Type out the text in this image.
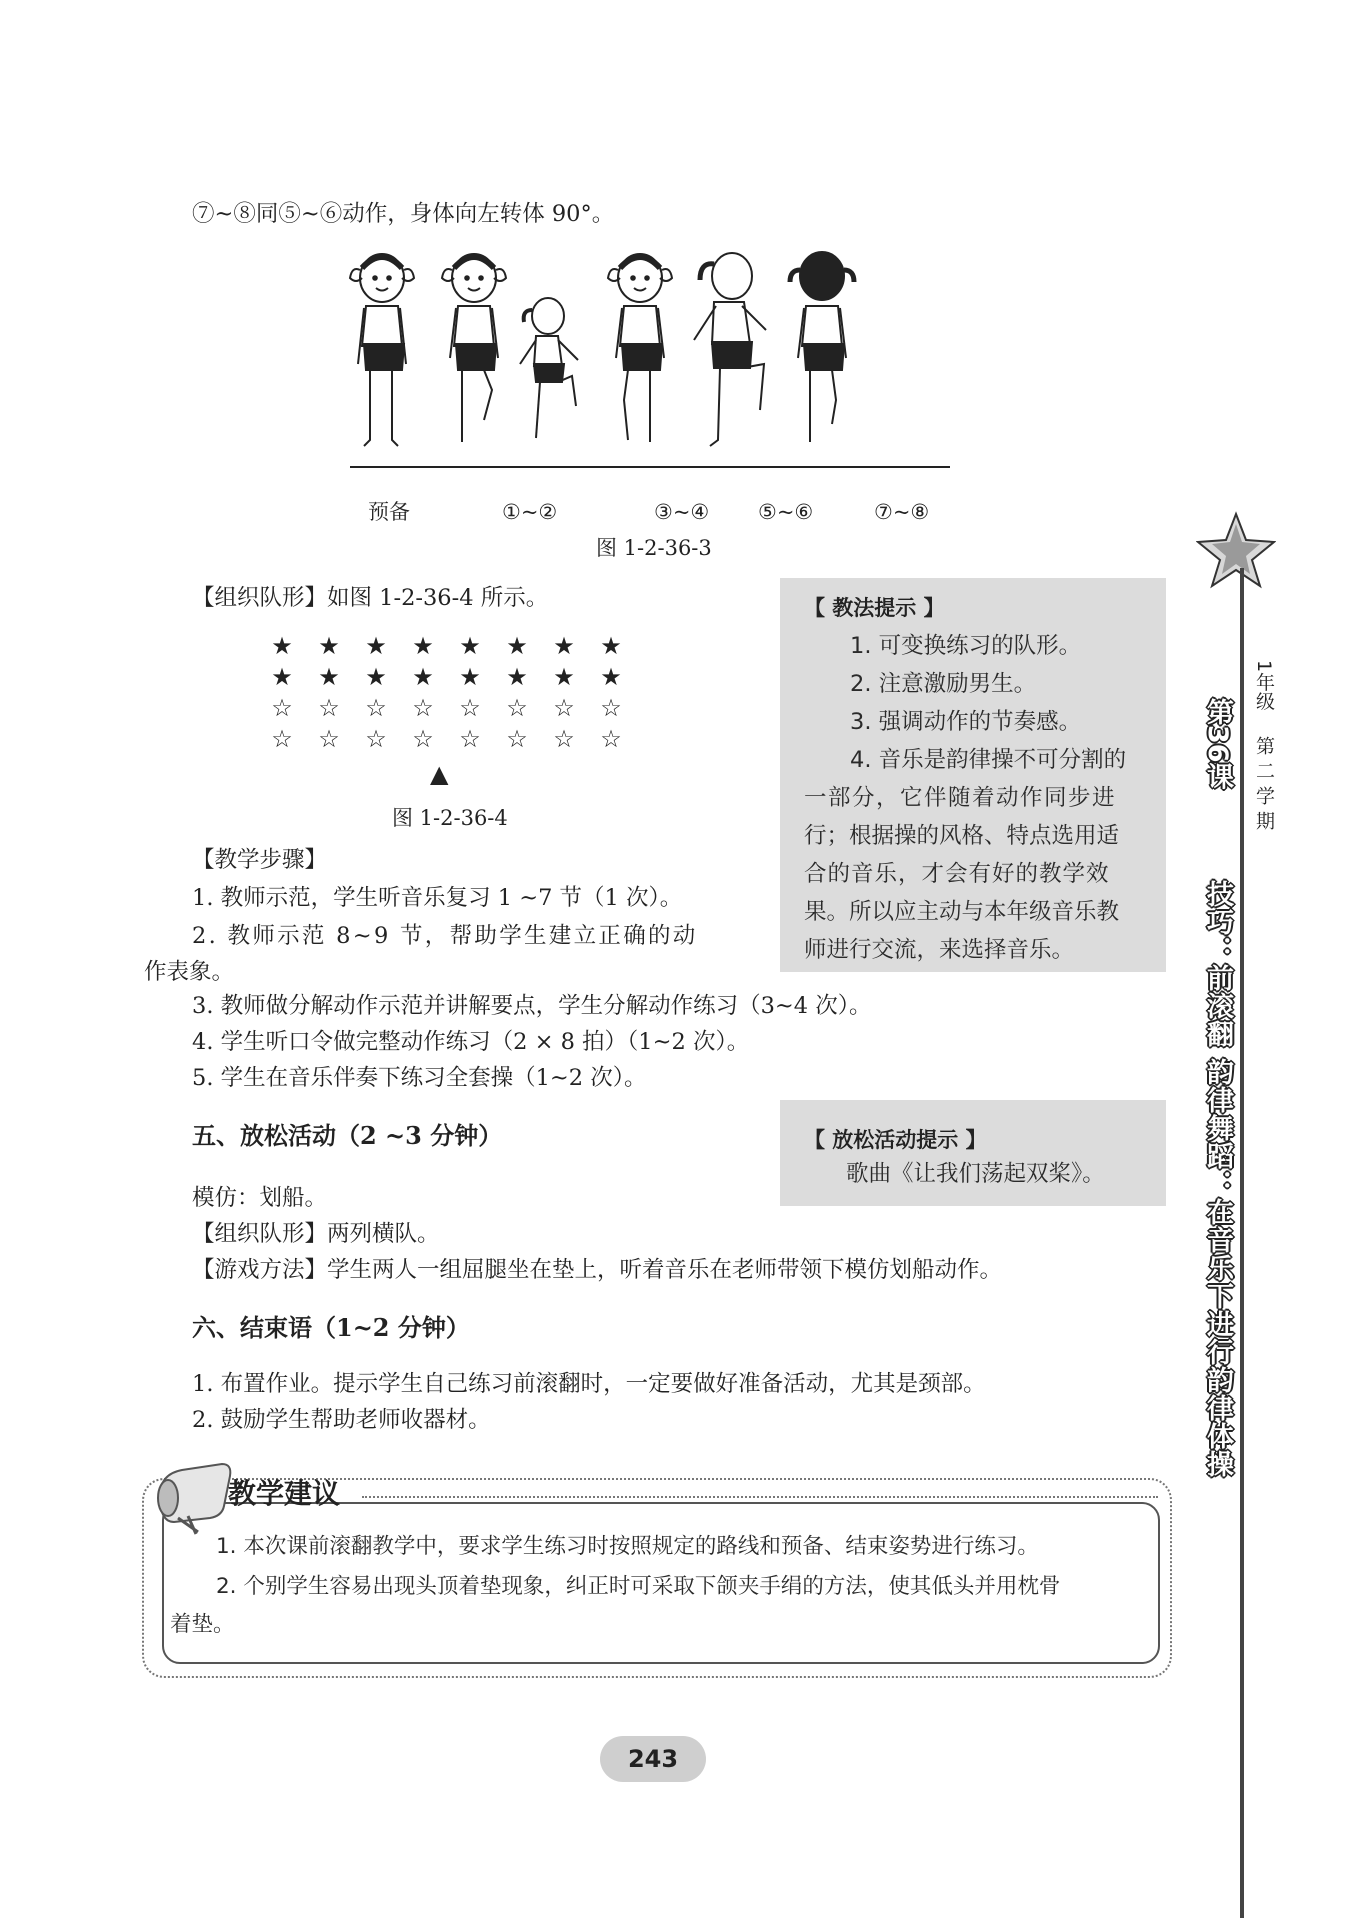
⑦~⑧同⑤~⑥动作，身体向左转体 90°。
预备	①~②	③~④ ⑤~⑥	⑦~⑧
图 1-2-36-3
【组织队形】如图 1-2-36-4 所示。
★ ★ ★ ★ ★ ★ ★ ★
★ ★ ★ ★ ★ ★ ★ ★
☆ ☆ ☆ ☆ ☆ ☆ ☆ ☆
☆ ☆ ☆ ☆ ☆ ☆ ☆ ☆
▲
图 1-2-36-4
【 教法提示 】
1. 可变换练习的队形。
2. 注意激励男生。
3. 强调动作的节奏感。
4. 音乐是韵律操不可分割的
一部分，它伴随着动作同步进
行；根据操的风格、特点选用适
合的音乐，才会有好的教学效
果。所以应主动与本年级音乐教
师进行交流，来选择音乐。
【教学步骤】
1. 教师示范，学生听音乐复习 1 ~7 节（1 次）。
2. 教师示范 8~9 节，帮助学生建立正确的动
作表象。
3. 教师做分解动作示范并讲解要点，学生分解动作练习（3~4 次）。
4. 学生听口令做完整动作练习（2 × 8 拍）（1~2 次）。
5. 学生在音乐伴奏下练习全套操（1~2 次）。
五、放松活动（2 ~3 分钟）	【 放松活动提示 】
歌曲《让我们荡起双桨》。
模仿：划船。
【组织队形】两列横队。
【游戏方法】学生两人一组屈腿坐在垫上，听着音乐在老师带领下模仿划船动作。
六、结束语（1~2 分钟）
1. 布置作业。提示学生自己练习前滚翻时，一定要做好准备活动，尤其是颈部。
2. 鼓励学生帮助老师收器材。
教学建议
1. 本次课前滚翻教学中，要求学生练习时按照规定的路线和预备、结束姿势进行练习。
2. 个别学生容易出现头顶着垫现象，纠正时可采取下颌夹手绢的方法，使其低头并用枕骨
着垫。
1年级
第二学期
第36课
技巧：前滚翻 韵律舞蹈：在音乐下进行韵律体操
243
